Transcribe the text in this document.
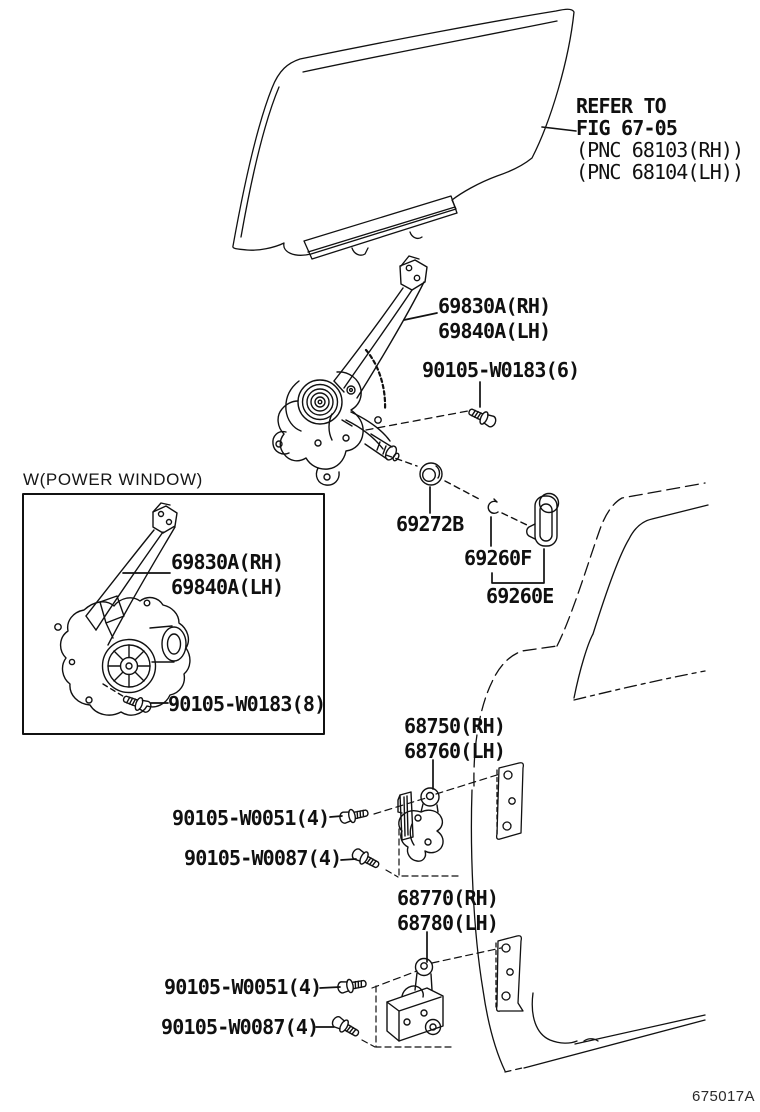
REFER TO
FIG 67-05
(PNC 68103(RH))
(PNC 68104(LH))
69830A(RH)
69840A(LH)
90105-W0183(6)
69272B
69260F
69260E
W(POWER WINDOW)
69830A(RH)
69840A(LH)
90105-W0183(8)
68750(RH)
68760(LH)
90105-W0051(4)
90105-W0087(4)
68770(RH)
68780(LH)
90105-W0051(4)
90105-W0087(4)
675017A
